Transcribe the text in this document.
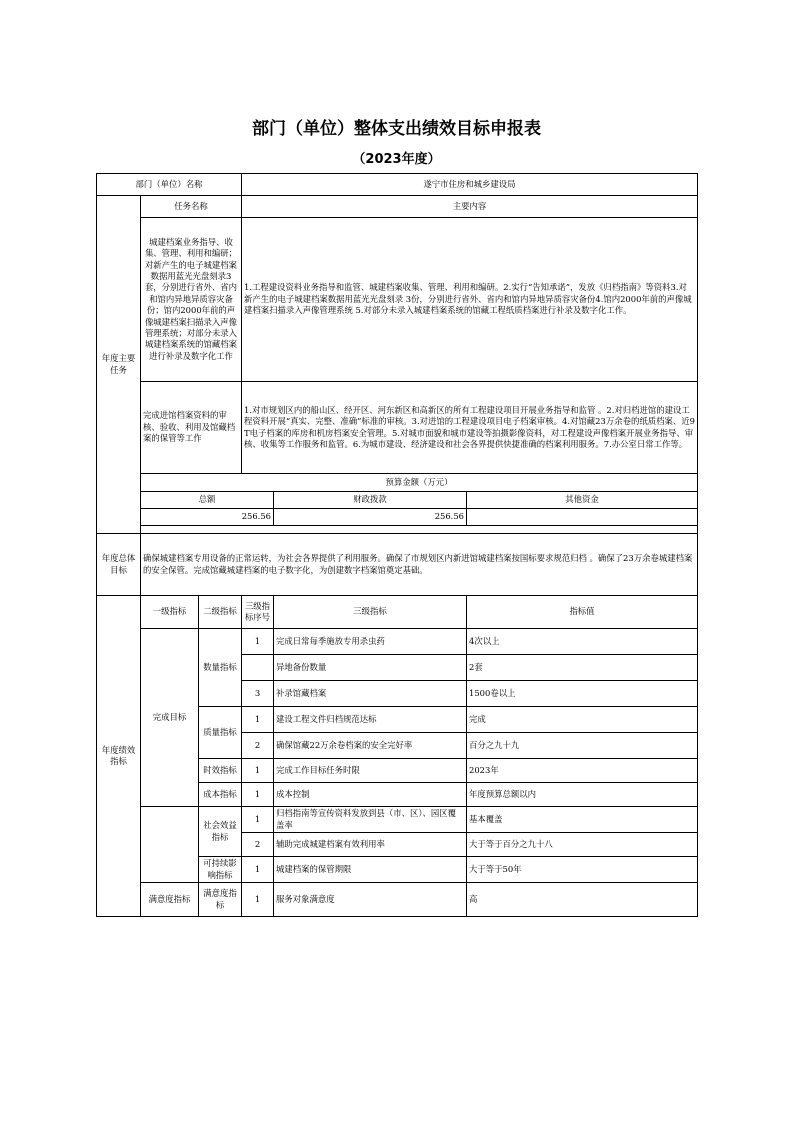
部门（单位）整体支出绩效目标申报表
（2023年度）
部门（单位）名称			遂宁市住房和城乡建设局		
年度主要任务	任务名称		主要内容		
	城建档案业务指导、收集、管理、利用和编研；对新产生的电子城建档案数据用蓝光光盘刻录3套，分别进行省外、省内和馆内异地异质容灾备份；馆内2000年前的声像城建档案扫描录入声像管理系统；对部分未录入城建档案系统的馆藏档案进行补录及数字化工作		1.工程建设资料业务指导和监管、城建档案收集、管理、利用和编研。2.实行“告知承诺”，发放《归档指南》等资料3.对新产生的电子城建档案数据用蓝光光盘刻录 3份，分别进行省外、省内和馆内异地异质容灾备份4.馆内2000年前的声像城建档案扫描录入声像管理系统 5.对部分未录入城建档案系统的馆藏工程纸质档案进行补录及数字化工作。		
	完成进馆档案资料的审核、验收、利用及馆藏档案的保管等工作		1.对市规划区内的船山区、经开区、河东新区和高新区的所有工程建设项目开展业务指导和监管 。2.对归档进馆的建设工程资料开展“真实、完整、准确”标准的审核。3.对进馆的工程建设项目电子档案审核。4.对馆藏23万余卷的纸质档案、近9T电子档案的库房和机房档案安全管理。5.对城市面貌和城市建设等拍摄影像资料，对工程建设声像档案开展业务指导、审核、收集等工作服务和监管。6.为城市建设、经济建设和社会各界提供快捷准确的档案利用服务。7.办公室日常工作等。		
	预算金额（万元）				
	总额			财政拨款	其他资金
	256.56			256.56	

年度总体目标	确保城建档案专用设备的正常运转，为社会各界提供了利用服务。确保了市规划区内新进馆城建档案按国标要求规范归档 。确保了23万余卷城建档案的安全保管。完成馆藏城建档案的电子数字化，为创建数字档案馆奠定基础。				
年度绩效指标	一级指标	二级指标	三级指标序号	三级指标	指标值
	完成目标	数量指标	1	完成日常每季施放专用杀虫药	4次以上
				异地备份数量	2套
			3	补录馆藏档案	1500卷以上
		质量指标	1	建设工程文件归档规范达标	完成
			2	确保馆藏22万余卷档案的安全完好率	百分之九十九
		时效指标	1	完成工作目标任务时限	2023年
		成本指标	1	成本控制	年度预算总额以内
		社会效益指标	1	归档指南等宣传资料发放到县（市、区）、园区覆盖率	基本覆盖
			2	辅助完成城建档案有效利用率	大于等于百分之九十八
		可持续影响指标	1	城建档案的保管期限	大于等于50年
	满意度指标	满意度指标	1	服务对象满意度	高
